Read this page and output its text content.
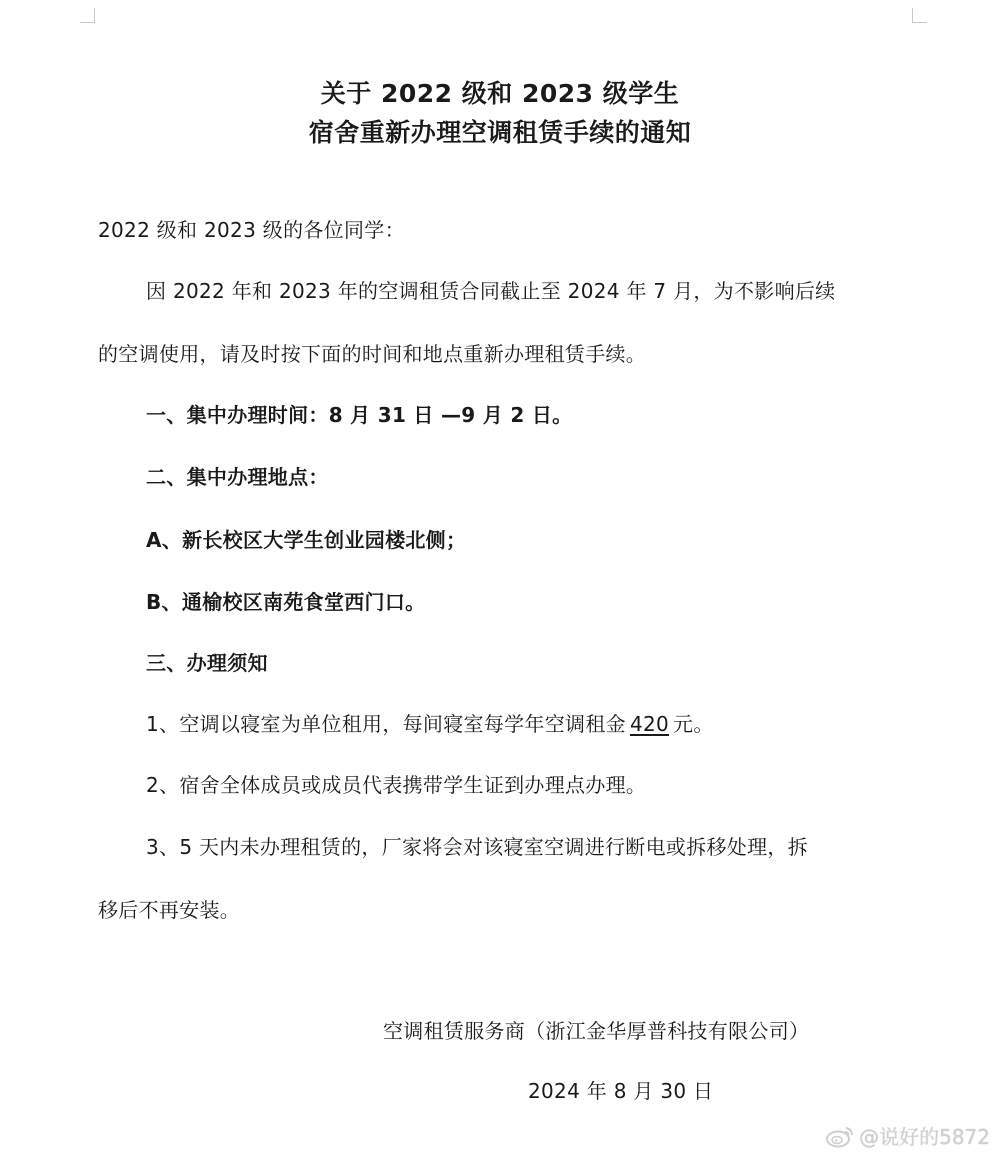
关于 2022 级和 2023 级学生
宿舍重新办理空调租赁手续的通知
2022 级和 2023 级的各位同学：
因 2022 年和 2023 年的空调租赁合同截止至 2024 年 7 月，为不影响后续
的空调使用，请及时按下面的时间和地点重新办理租赁手续。
一、集中办理时间：8 月 31 日 —9 月 2 日。
二、集中办理地点：
A、新长校区大学生创业园楼北侧；
B、通榆校区南苑食堂西门口。
三、办理须知
1、空调以寝室为单位租用，每间寝室每学年空调租金 420 元。
2、宿舍全体成员或成员代表携带学生证到办理点办理。
3、5 天内未办理租赁的，厂家将会对该寝室空调进行断电或拆移处理，拆
移后不再安装。
空调租赁服务商（浙江金华厚普科技有限公司）
2024 年 8 月 30 日
@说好的5872
